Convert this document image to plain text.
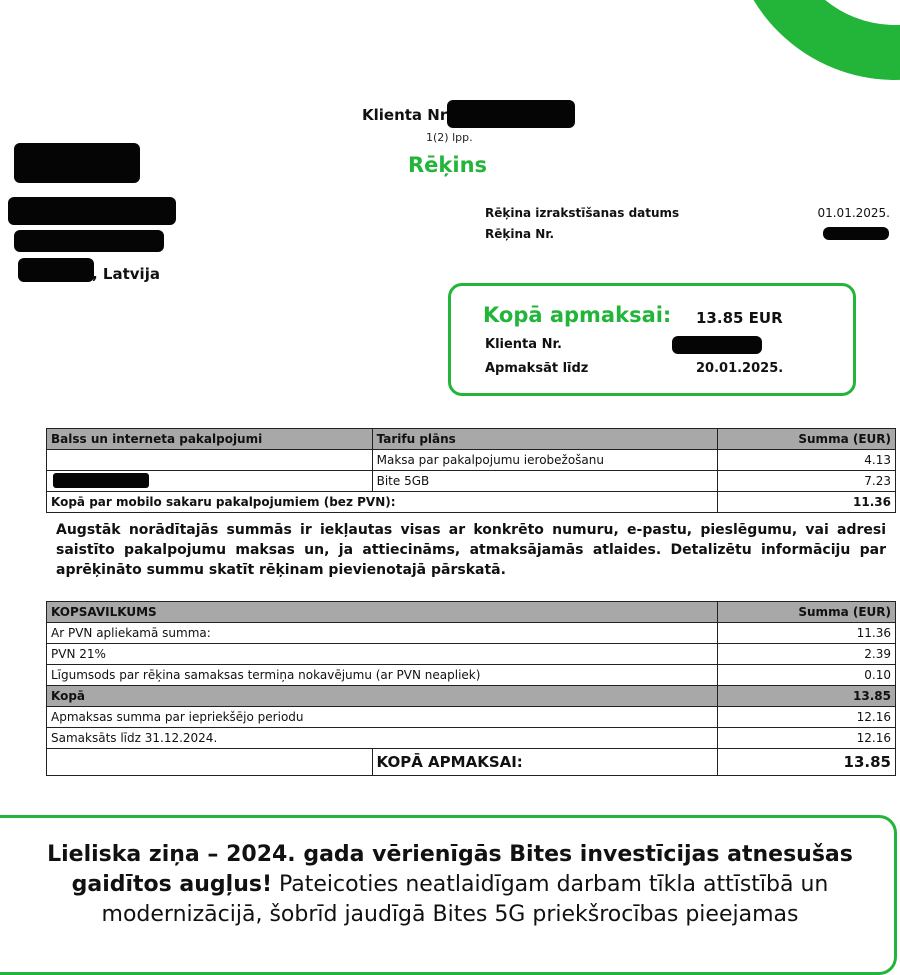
Klienta Nr
1(2) lpp.
Rēķins
, Latvija
Rēķina izrakstīšanas datums	01.01.2025.
Rēķina Nr.
Kopā apmaksai: 13.85 EUR
Klienta Nr.
Apmaksāt līdz	20.01.2025.
Balss un interneta pakalpojumi	Tarifu plāns	Summa (EUR)
	Maksa par pakalpojumu ierobežošanu	4.13

	Bite 5GB	7.23
Kopā par mobilo sakaru pakalpojumiem (bez PVN):		11.36
Augstāk norādītajās summās ir iekļautas visas ar konkrēto numuru, e-pastu, pieslēgumu, vai adresi saistīto pakalpojumu maksas un, ja attiecināms, atmaksājamās atlaides. Detalizētu informāciju par aprēķināto summu skatīt rēķinam pievienotajā pārskatā.
KOPSAVILKUMS		Summa (EUR)
Ar PVN apliekamā summa:		11.36
PVN 21%		2.39
Līgumsods par rēķina samaksas termiņa nokavējumu (ar PVN neapliek)		0.10
Kopā		13.85
Apmaksas summa par iepriekšējo periodu		12.16
Samaksāts līdz 31.12.2024.		12.16
	KOPĀ APMAKSAI:	13.85
Lieliska ziņa – 2024. gada vērienīgās Bites investīcijas atnesušas gaidītos augļus! Pateicoties neatlaidīgam darbam tīkla attīstībā un modernizācijā, šobrīd jaudīgā Bites 5G priekšrocības pieejamas
